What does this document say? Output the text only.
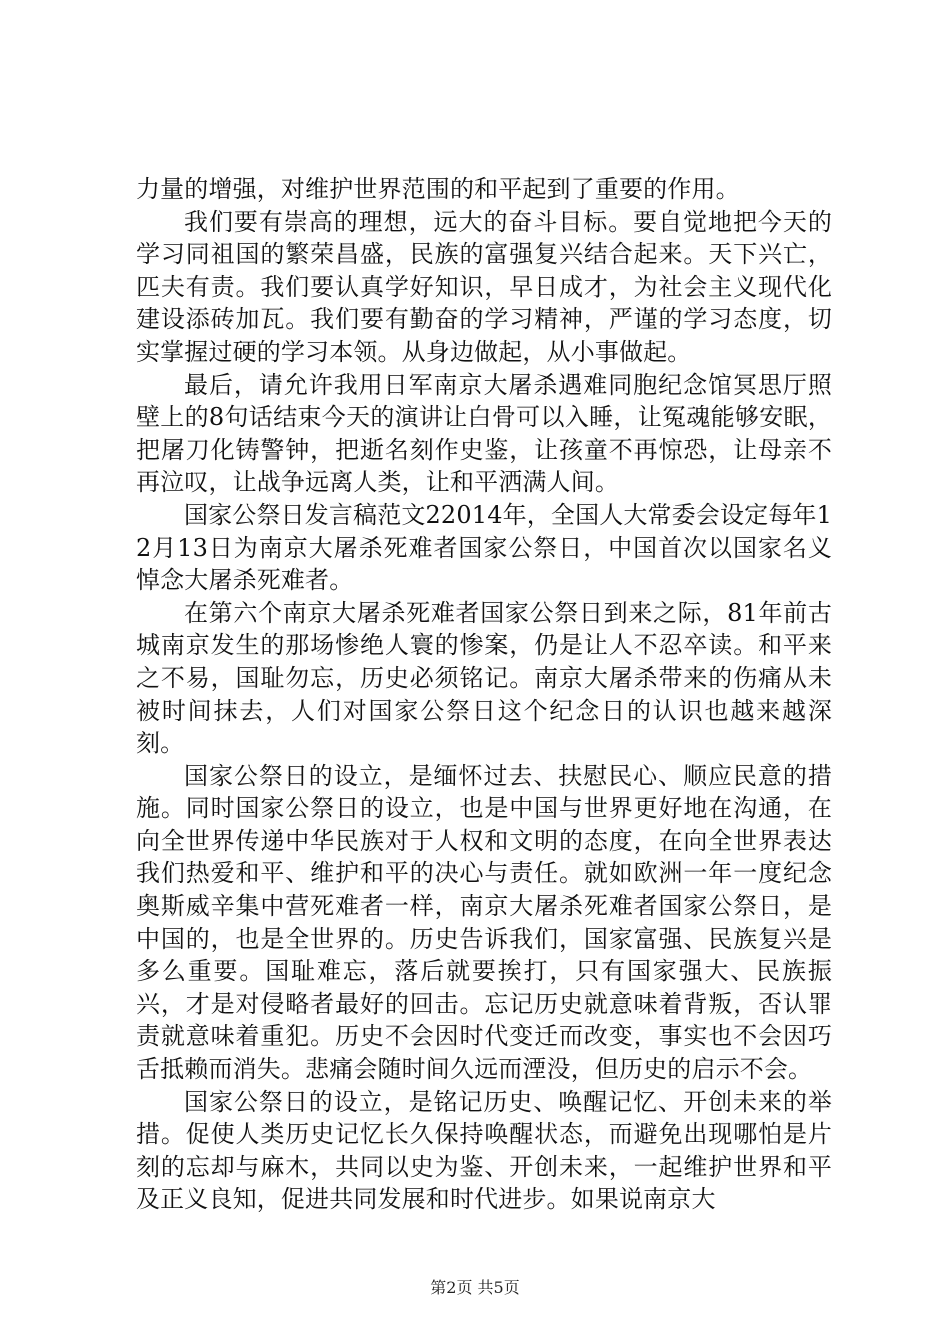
力量的增强，对维护世界范围的和平起到了重要的作用。

我们要有崇高的理想，远大的奋斗目标。要自觉地把今天的学习同祖国的繁荣昌盛，民族的富强复兴结合起来。天下兴亡，匹夫有责。我们要认真学好知识，早日成才，为社会主义现代化建设添砖加瓦。我们要有勤奋的学习精神，严谨的学习态度，切实掌握过硬的学习本领。从身边做起，从小事做起。

最后，请允许我用日军南京大屠杀遇难同胞纪念馆冥思厅照壁上的8句话结束今天的演讲让白骨可以入睡，让冤魂能够安眠，把屠刀化铸警钟，把逝名刻作史鉴，让孩童不再惊恐，让母亲不再泣叹，让战争远离人类，让和平洒满人间。

国家公祭日发言稿范文22014年，全国人大常委会设定每年12月13日为南京大屠杀死难者国家公祭日，中国首次以国家名义悼念大屠杀死难者。

在第六个南京大屠杀死难者国家公祭日到来之际，81年前古城南京发生的那场惨绝人寰的惨案，仍是让人不忍卒读。和平来之不易，国耻勿忘，历史必须铭记。南京大屠杀带来的伤痛从未被时间抹去，人们对国家公祭日这个纪念日的认识也越来越深刻。

国家公祭日的设立，是缅怀过去、扶慰民心、顺应民意的措施。同时国家公祭日的设立，也是中国与世界更好地在沟通，在向全世界传递中华民族对于人权和文明的态度，在向全世界表达我们热爱和平、维护和平的决心与责任。就如欧洲一年一度纪念奥斯威辛集中营死难者一样，南京大屠杀死难者国家公祭日，是中国的，也是全世界的。历史告诉我们，国家富强、民族复兴是多么重要。国耻难忘，落后就要挨打，只有国家强大、民族振兴，才是对侵略者最好的回击。忘记历史就意味着背叛，否认罪责就意味着重犯。历史不会因时代变迁而改变，事实也不会因巧舌抵赖而消失。悲痛会随时间久远而湮没，但历史的启示不会。

国家公祭日的设立，是铭记历史、唤醒记忆、开创未来的举措。促使人类历史记忆长久保持唤醒状态，而避免出现哪怕是片刻的忘却与麻木，共同以史为鉴、开创未来，一起维护世界和平及正义良知，促进共同发展和时代进步。如果说南京大

第2页 共5页
